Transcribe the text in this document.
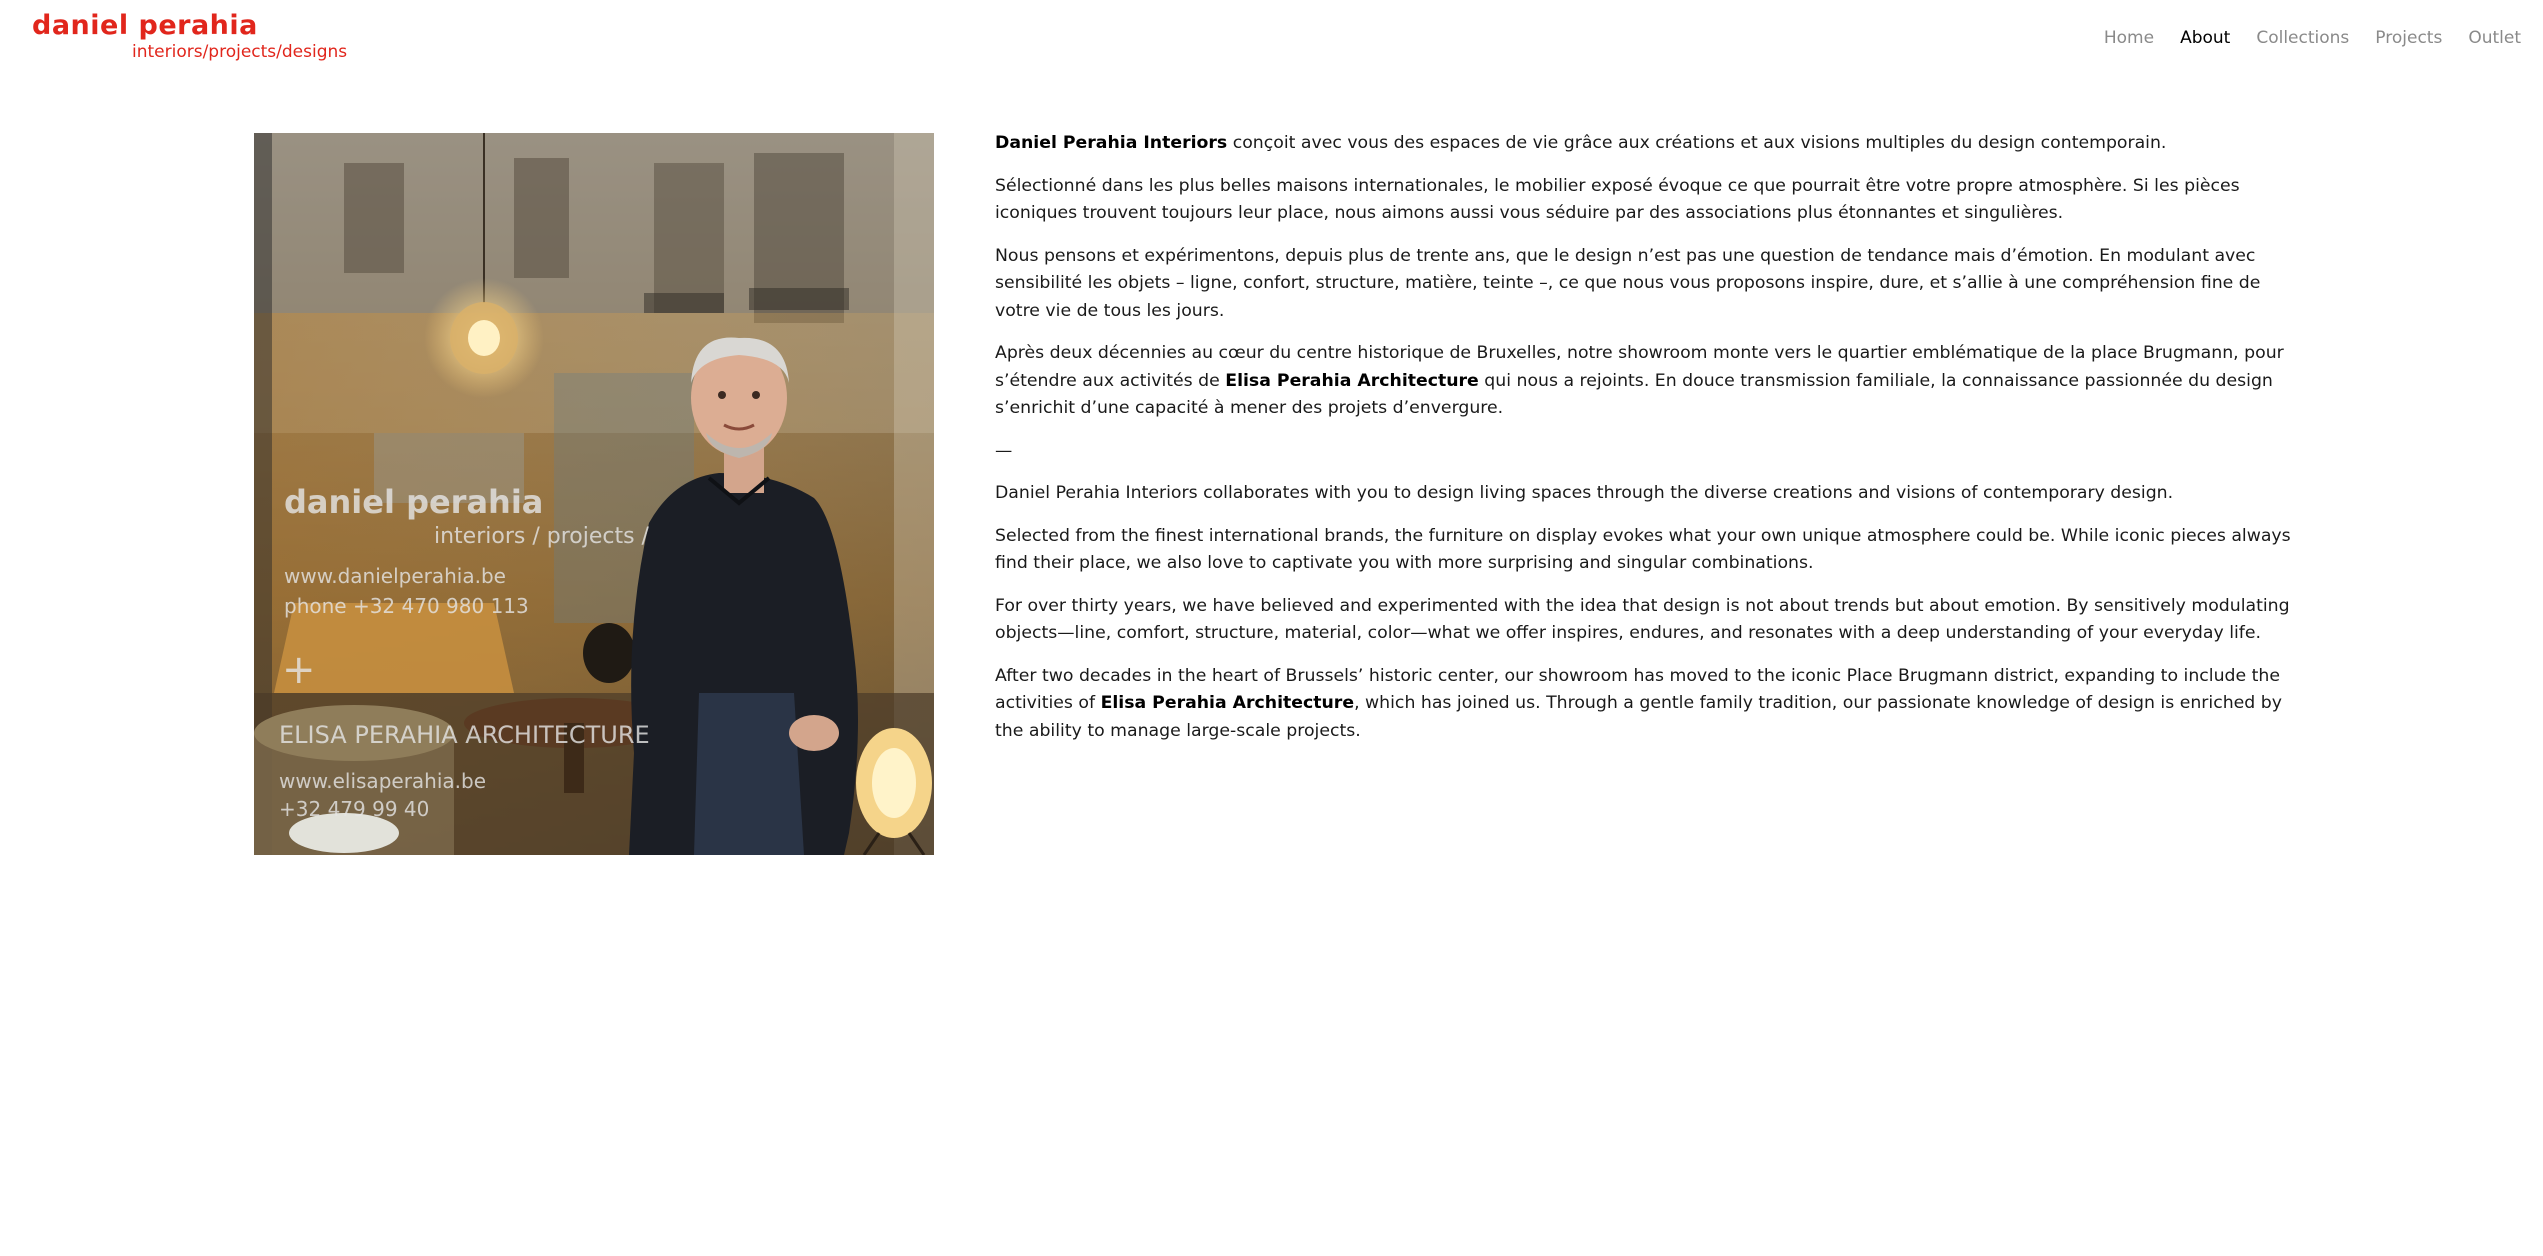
daniel perahia
interiors/projects/designs
Home About Collections Projects Outlet
daniel perahia
interiors / projects /
www.danielperahia.be
phone +32 470 980 113
+
ELISA PERAHIA ARCHITECTURE
www.elisaperahia.be
+32 479 99 40

Daniel Perahia Interiors conçoit avec vous des espaces de vie grâce aux créations et aux visions multiples du design contemporain.

Sélectionné dans les plus belles maisons internationales, le mobilier exposé évoque ce que pourrait être votre propre atmosphère. Si les pièces iconiques trouvent toujours leur place, nous aimons aussi vous séduire par des associations plus étonnantes et singulières.

Nous pensons et expérimentons, depuis plus de trente ans, que le design n’est pas une question de tendance mais d’émotion. En modulant avec sensibilité les objets – ligne, confort, structure, matière, teinte –, ce que nous vous proposons inspire, dure, et s’allie à une compréhension fine de votre vie de tous les jours.

Après deux décennies au cœur du centre historique de Bruxelles, notre showroom monte vers le quartier emblématique de la place Brugmann, pour s’étendre aux activités de Elisa Perahia Architecture qui nous a rejoints. En douce transmission familiale, la connaissance passionnée du design s’enrichit d’une capacité à mener des projets d’envergure.

—

Daniel Perahia Interiors collaborates with you to design living spaces through the diverse creations and visions of contemporary design.

Selected from the finest international brands, the furniture on display evokes what your own unique atmosphere could be. While iconic pieces always find their place, we also love to captivate you with more surprising and singular combinations.

For over thirty years, we have believed and experimented with the idea that design is not about trends but about emotion. By sensitively modulating objects—line, comfort, structure, material, color—what we offer inspires, endures, and resonates with a deep understanding of your everyday life.

After two decades in the heart of Brussels’ historic center, our showroom has moved to the iconic Place Brugmann district, expanding to include the activities of Elisa Perahia Architecture, which has joined us. Through a gentle family tradition, our passionate knowledge of design is enriched by the ability to manage large-scale projects.
